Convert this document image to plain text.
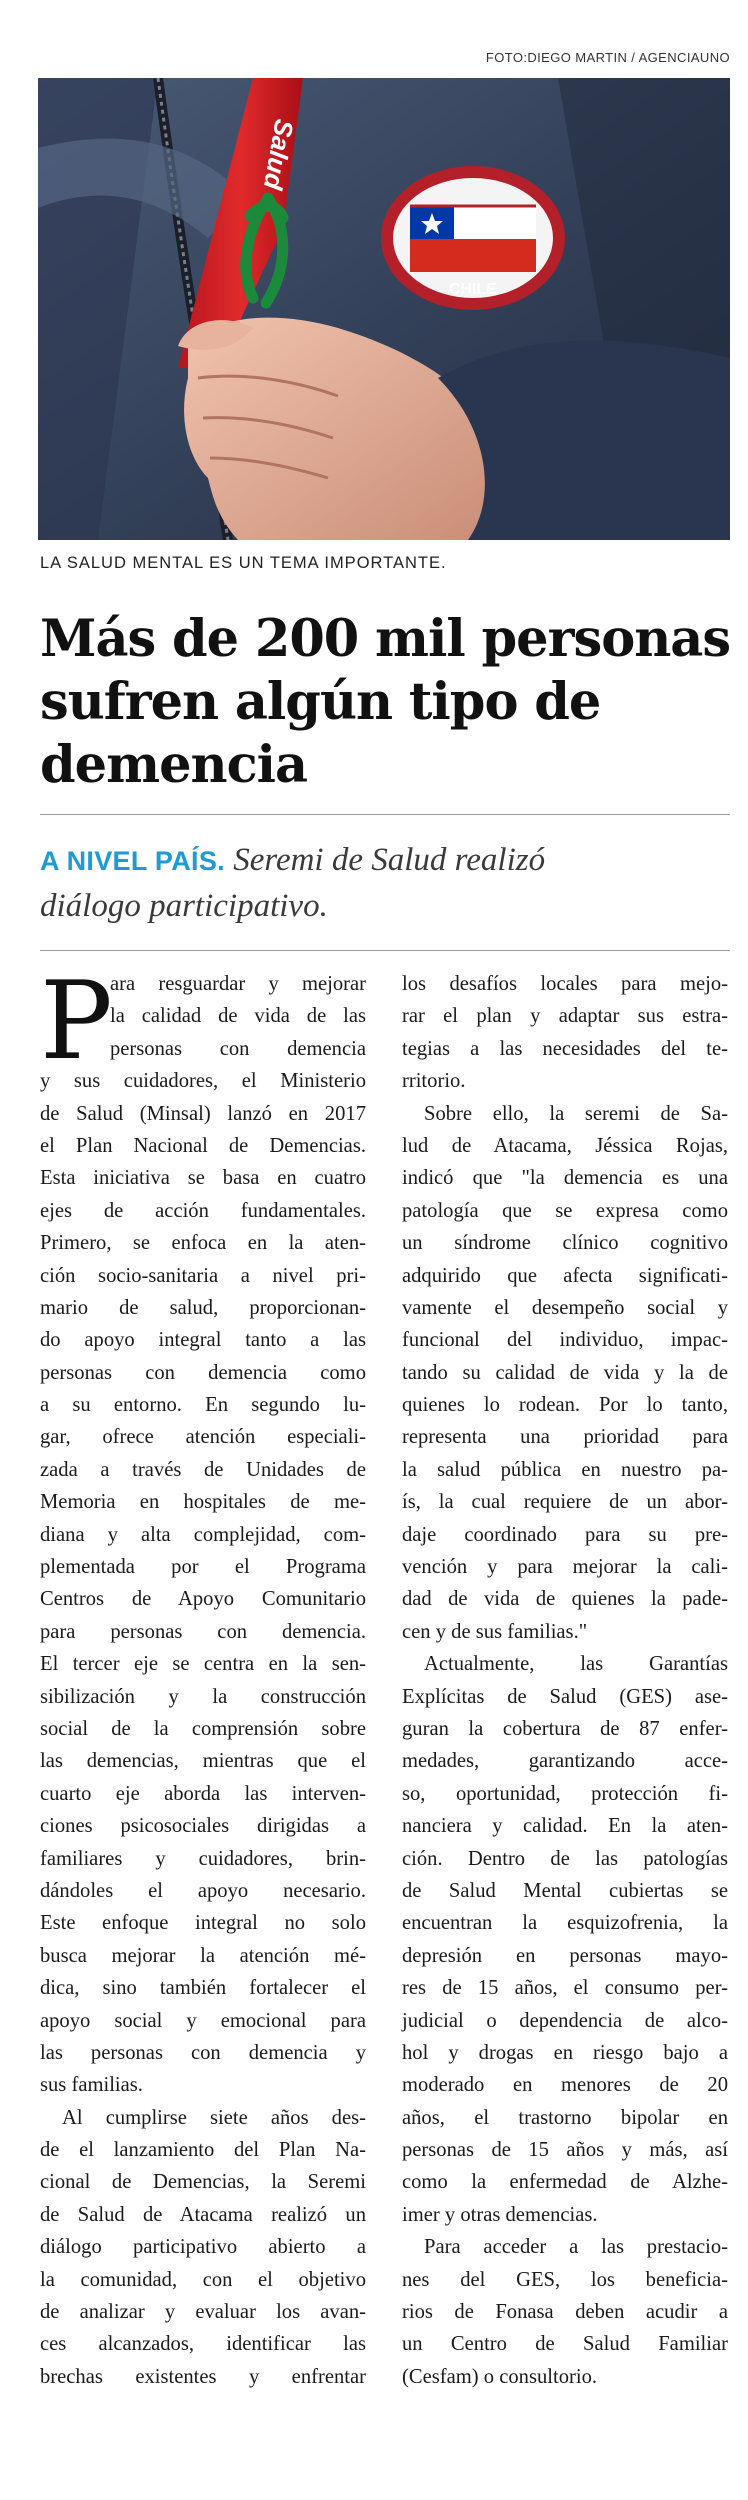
FOTO:DIEGO MARTIN / AGENCIAUNO
CHILE
Salud
LA SALUD MENTAL ES UN TEMA IMPORTANTE.
Más de 200 mil personas
sufren algún tipo de
demencia
A NIVEL PAÍS. Seremi de Salud realizó
diálogo participativo.
P
ara resguardar y mejorar
la calidad de vida de las
personas con demencia
y sus cuidadores, el Ministerio
de Salud (Minsal) lanzó en 2017
el Plan Nacional de Demencias.
Esta iniciativa se basa en cuatro
ejes de acción fundamentales.
Primero, se enfoca en la aten-
ción socio-sanitaria a nivel pri-
mario de salud, proporcionan-
do apoyo integral tanto a las
personas con demencia como
a su entorno. En segundo lu-
gar, ofrece atención especiali-
zada a través de Unidades de
Memoria en hospitales de me-
diana y alta complejidad, com-
plementada por el Programa
Centros de Apoyo Comunitario
para personas con demencia.
El tercer eje se centra en la sen-
sibilización y la construcción
social de la comprensión sobre
las demencias, mientras que el
cuarto eje aborda las interven-
ciones psicosociales dirigidas a
familiares y cuidadores, brin-
dándoles el apoyo necesario.
Este enfoque integral no solo
busca mejorar la atención mé-
dica, sino también fortalecer el
apoyo social y emocional para
las personas con demencia y
sus familias.
Al cumplirse siete años des-
de el lanzamiento del Plan Na-
cional de Demencias, la Seremi
de Salud de Atacama realizó un
diálogo participativo abierto a
la comunidad, con el objetivo
de analizar y evaluar los avan-
ces alcanzados, identificar las
brechas existentes y enfrentar
los desafíos locales para mejo-
rar el plan y adaptar sus estra-
tegias a las necesidades del te-
rritorio.
Sobre ello, la seremi de Sa-
lud de Atacama, Jéssica Rojas,
indicó que "la demencia es una
patología que se expresa como
un síndrome clínico cognitivo
adquirido que afecta significati-
vamente el desempeño social y
funcional del individuo, impac-
tando su calidad de vida y la de
quienes lo rodean. Por lo tanto,
representa una prioridad para
la salud pública en nuestro pa-
ís, la cual requiere de un abor-
daje coordinado para su pre-
vención y para mejorar la cali-
dad de vida de quienes la pade-
cen y de sus familias."
Actualmente, las Garantías
Explícitas de Salud (GES) ase-
guran la cobertura de 87 enfer-
medades, garantizando acce-
so, oportunidad, protección fi-
nanciera y calidad. En la aten-
ción. Dentro de las patologías
de Salud Mental cubiertas se
encuentran la esquizofrenia, la
depresión en personas mayo-
res de 15 años, el consumo per-
judicial o dependencia de alco-
hol y drogas en riesgo bajo a
moderado en menores de 20
años, el trastorno bipolar en
personas de 15 años y más, así
como la enfermedad de Alzhe-
imer y otras demencias.
Para acceder a las prestacio-
nes del GES, los beneficia-
rios de Fonasa deben acudir a
un Centro de Salud Familiar
(Cesfam) o consultorio.
